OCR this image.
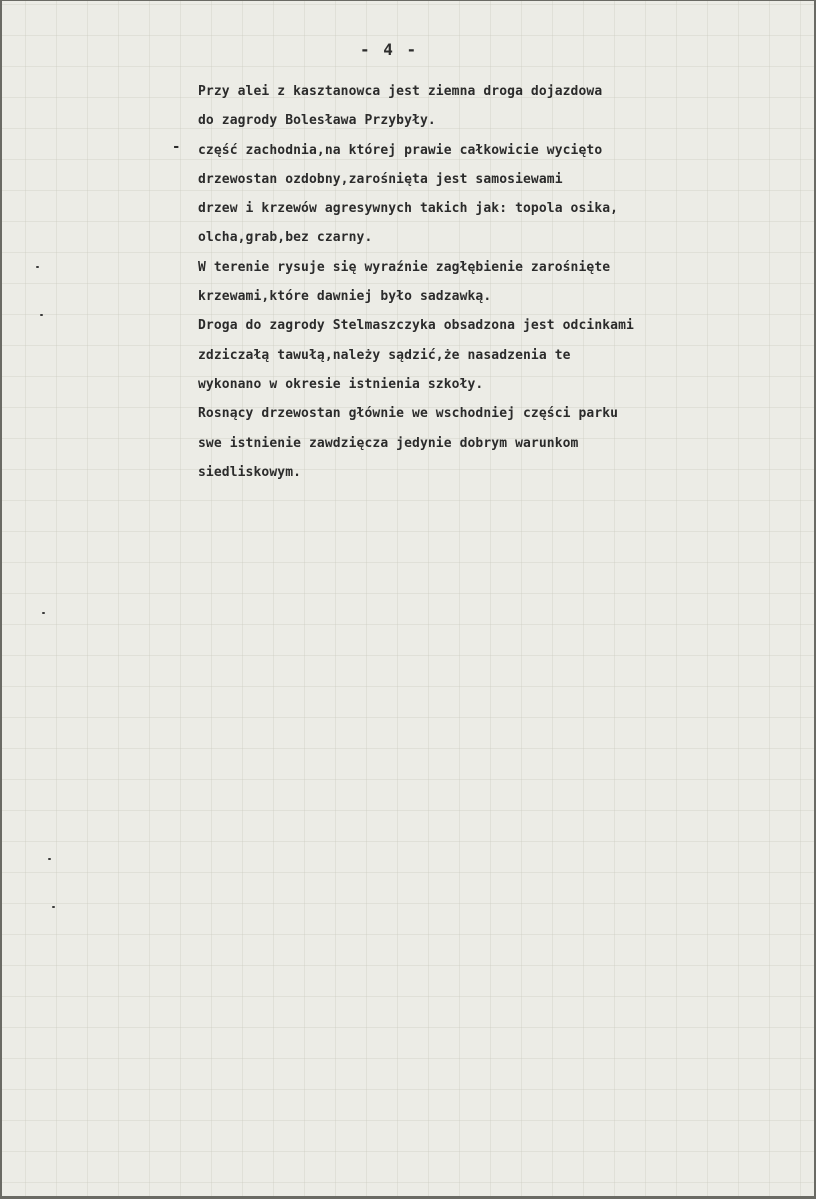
- 4 -
-
Przy alei z kasztanowca jest ziemna droga dojazdowa
do zagrody Bolesława Przybyły.
część zachodnia,na której prawie całkowicie wycięto
drzewostan ozdobny,zarośnięta jest samosiewami
drzew i krzewów agresywnych takich jak: topola osika,
olcha,grab,bez czarny.
W terenie rysuje się wyraźnie zagłębienie zarośnięte
krzewami,które dawniej było sadzawką.
Droga do zagrody Stelmaszczyka obsadzona jest odcinkami
zdziczałą tawułą,należy sądzić,że nasadzenia te
wykonano w okresie istnienia szkoły.
Rosnący drzewostan głównie we wschodniej części parku
swe istnienie zawdzięcza jedynie dobrym warunkom
siedliskowym.
